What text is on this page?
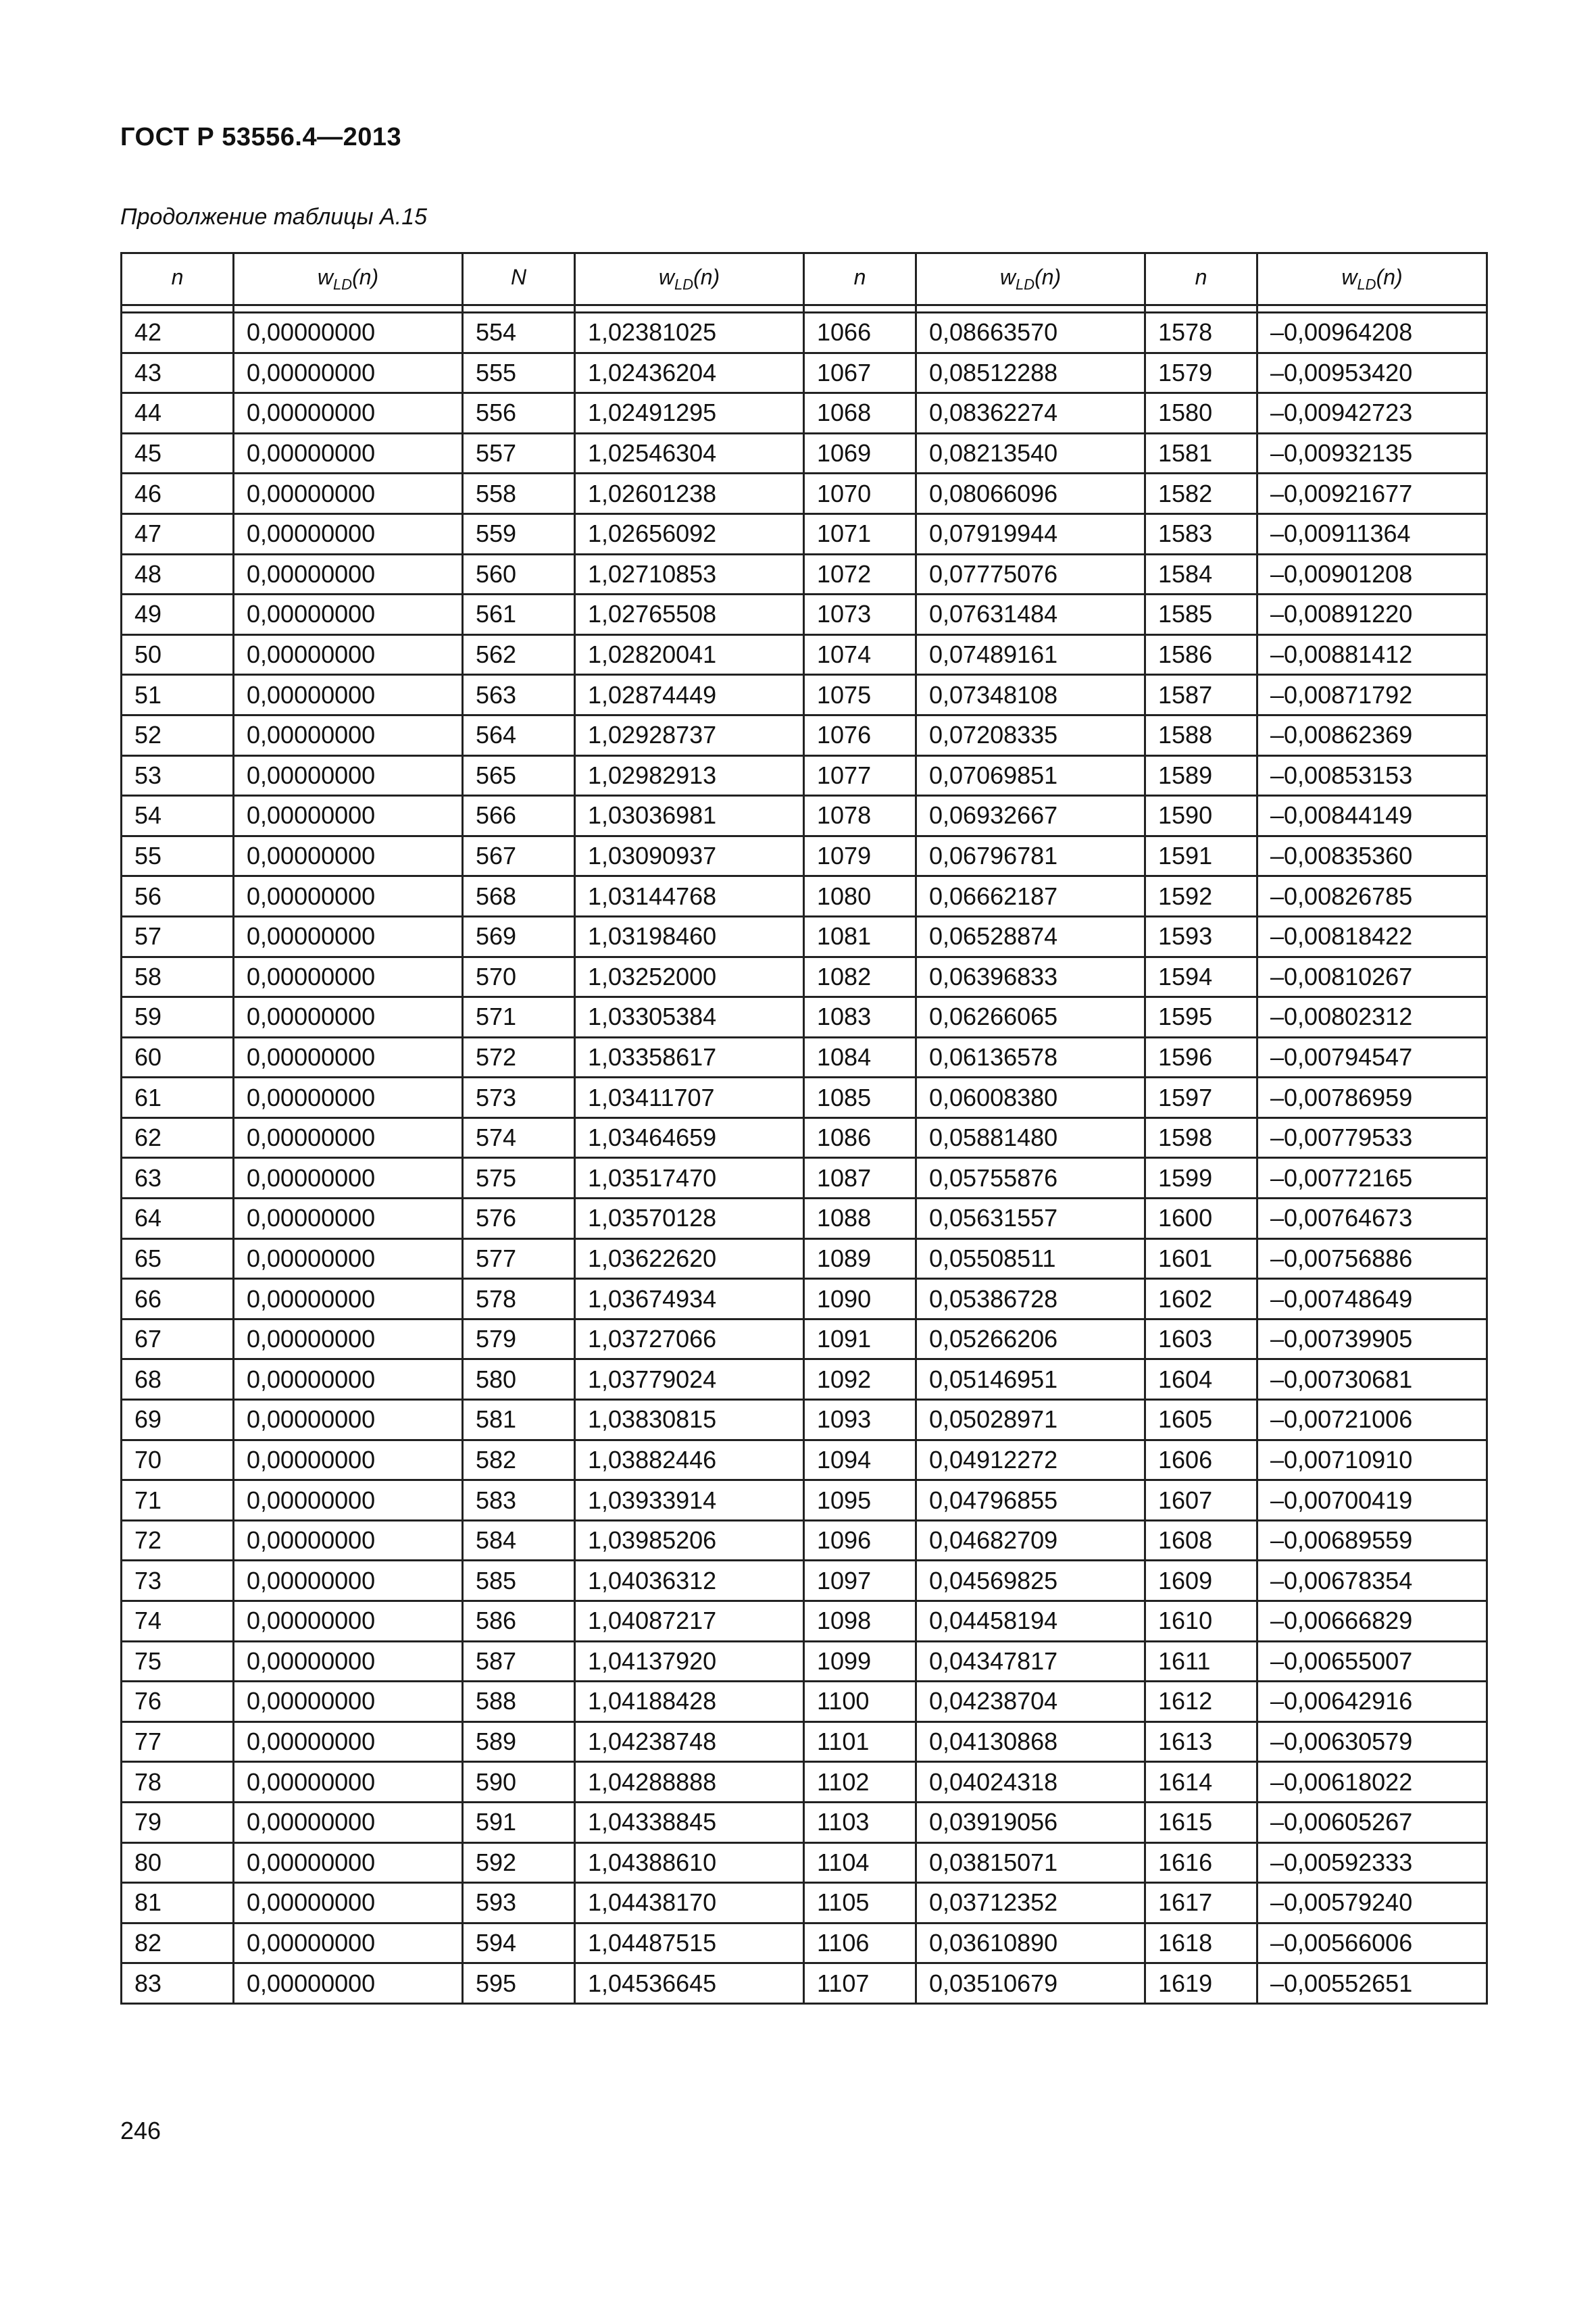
ГОСТ Р 53556.4—2013
Продолжение таблицы А.15
n	$w_{LD}(n)$	N	$w_{LD}(n)$	n	$w_{LD}(n)$	n	$w_{LD}(n)$

42	0,00000000	554	1,02381025	1066	0,08663570	1578	–0,00964208
43	0,00000000	555	1,02436204	1067	0,08512288	1579	–0,00953420
44	0,00000000	556	1,02491295	1068	0,08362274	1580	–0,00942723
45	0,00000000	557	1,02546304	1069	0,08213540	1581	–0,00932135
46	0,00000000	558	1,02601238	1070	0,08066096	1582	–0,00921677
47	0,00000000	559	1,02656092	1071	0,07919944	1583	–0,00911364
48	0,00000000	560	1,02710853	1072	0,07775076	1584	–0,00901208
49	0,00000000	561	1,02765508	1073	0,07631484	1585	–0,00891220
50	0,00000000	562	1,02820041	1074	0,07489161	1586	–0,00881412
51	0,00000000	563	1,02874449	1075	0,07348108	1587	–0,00871792
52	0,00000000	564	1,02928737	1076	0,07208335	1588	–0,00862369
53	0,00000000	565	1,02982913	1077	0,07069851	1589	–0,00853153
54	0,00000000	566	1,03036981	1078	0,06932667	1590	–0,00844149
55	0,00000000	567	1,03090937	1079	0,06796781	1591	–0,00835360
56	0,00000000	568	1,03144768	1080	0,06662187	1592	–0,00826785
57	0,00000000	569	1,03198460	1081	0,06528874	1593	–0,00818422
58	0,00000000	570	1,03252000	1082	0,06396833	1594	–0,00810267
59	0,00000000	571	1,03305384	1083	0,06266065	1595	–0,00802312
60	0,00000000	572	1,03358617	1084	0,06136578	1596	–0,00794547
61	0,00000000	573	1,03411707	1085	0,06008380	1597	–0,00786959
62	0,00000000	574	1,03464659	1086	0,05881480	1598	–0,00779533
63	0,00000000	575	1,03517470	1087	0,05755876	1599	–0,00772165
64	0,00000000	576	1,03570128	1088	0,05631557	1600	–0,00764673
65	0,00000000	577	1,03622620	1089	0,05508511	1601	–0,00756886
66	0,00000000	578	1,03674934	1090	0,05386728	1602	–0,00748649
67	0,00000000	579	1,03727066	1091	0,05266206	1603	–0,00739905
68	0,00000000	580	1,03779024	1092	0,05146951	1604	–0,00730681
69	0,00000000	581	1,03830815	1093	0,05028971	1605	–0,00721006
70	0,00000000	582	1,03882446	1094	0,04912272	1606	–0,00710910
71	0,00000000	583	1,03933914	1095	0,04796855	1607	–0,00700419
72	0,00000000	584	1,03985206	1096	0,04682709	1608	–0,00689559
73	0,00000000	585	1,04036312	1097	0,04569825	1609	–0,00678354
74	0,00000000	586	1,04087217	1098	0,04458194	1610	–0,00666829
75	0,00000000	587	1,04137920	1099	0,04347817	1611	–0,00655007
76	0,00000000	588	1,04188428	1100	0,04238704	1612	–0,00642916
77	0,00000000	589	1,04238748	1101	0,04130868	1613	–0,00630579
78	0,00000000	590	1,04288888	1102	0,04024318	1614	–0,00618022
79	0,00000000	591	1,04338845	1103	0,03919056	1615	–0,00605267
80	0,00000000	592	1,04388610	1104	0,03815071	1616	–0,00592333
81	0,00000000	593	1,04438170	1105	0,03712352	1617	–0,00579240
82	0,00000000	594	1,04487515	1106	0,03610890	1618	–0,00566006
83	0,00000000	595	1,04536645	1107	0,03510679	1619	–0,00552651
246
